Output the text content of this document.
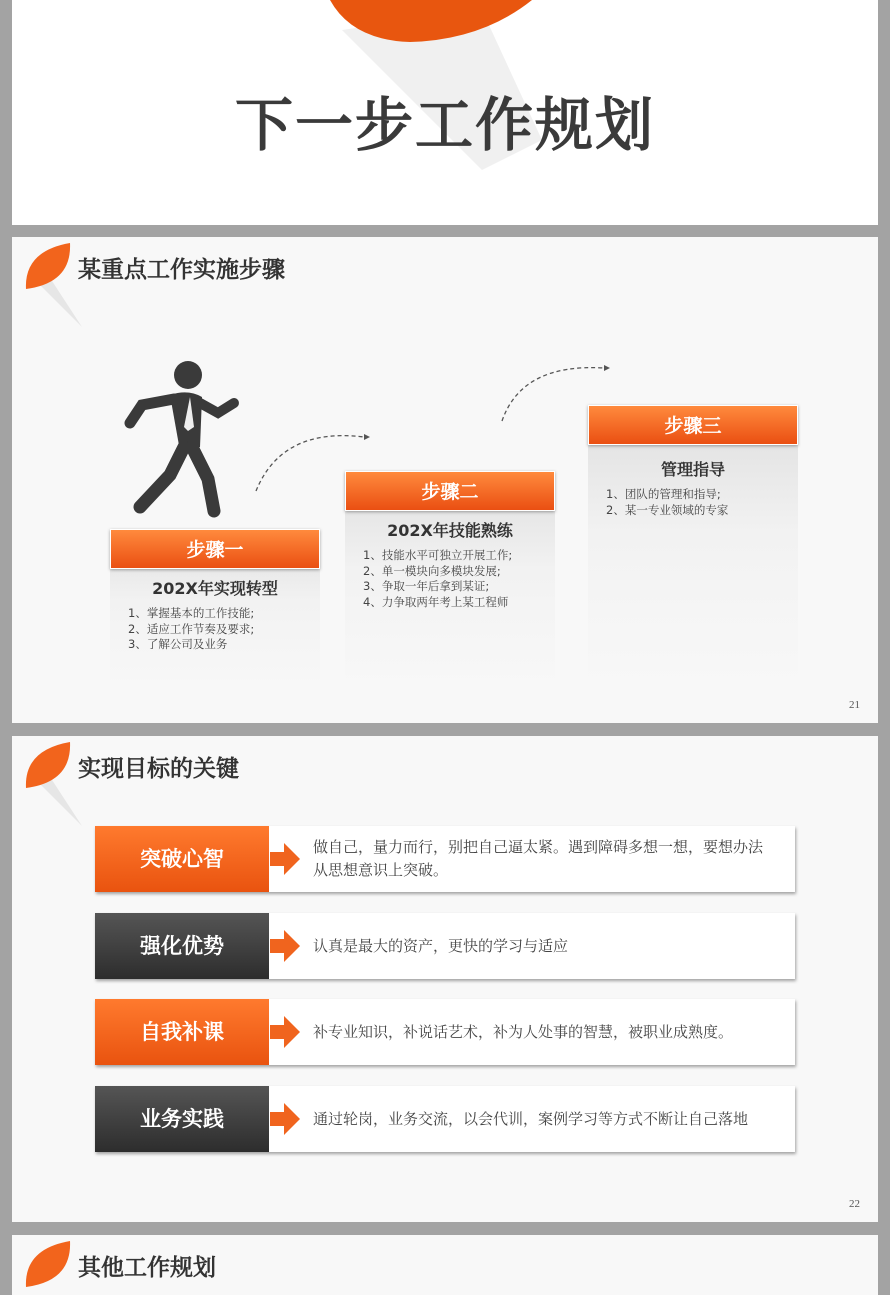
下一步工作规划
某重点工作实施步骤
步骤一
202X年实现转型
1、掌握基本的工作技能;
2、适应工作节奏及要求;
3、了解公司及业务
步骤二
202X年技能熟练
1、技能水平可独立开展工作;
2、单一模块向多模块发展;
3、争取一年后拿到某证;
4、力争取两年考上某工程师
步骤三
管理指导
1、团队的管理和指导;
2、某一专业领域的专家
21
实现目标的关键
突破心智	做自己，量力而行，别把自己逼太紧。遇到障碍多想一想，要想办法从思想意识上突破。
强化优势	认真是最大的资产，更快的学习与适应
自我补课	补专业知识，补说话艺术，补为人处事的智慧，被职业成熟度。
业务实践	通过轮岗，业务交流，以会代训，案例学习等方式不断让自己落地
22
其他工作规划
